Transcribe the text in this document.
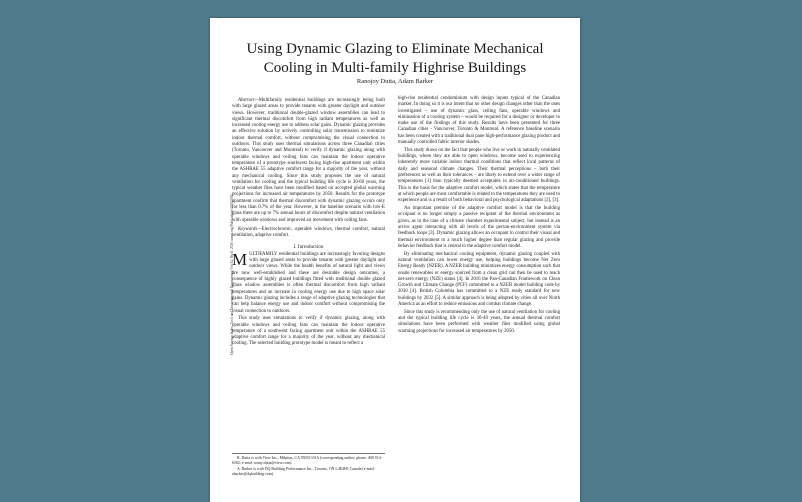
Open Science Index, Civil and Environmental Engineering Vol:14, No:8, 2020 waset.org/Publication/10011500
Using Dynamic Glazing to Eliminate Mechanical
Cooling in Multi-family Highrise Buildings
Ranojoy Dutta, Adam Barker

Abstract—Multifamily residential buildings are increasingly being built with large glazed areas to provide tenants with greater daylight and outdoor views. However, traditional double-glazed window assemblies can lead to significant thermal discomfort from high radiant temperatures as well as increased cooling energy use to address solar gains. Dynamic glazing provides an effective solution by actively controlling solar transmission to minimize indoor thermal comfort, without compromising the visual connection to outdoors. This study uses thermal simulations across three Canadian cities (Toronto, Vancouver and Montreal) to verify if dynamic glazing along with operable windows and ceiling fans can maintain the indoor operative temperature of a prototype southwest facing high-rise apartment unit within the ASHRAE 55 adaptive comfort range for a majority of the year, without any mechanical cooling. Since this study proposes the use of natural ventilation for cooling and the typical building life cycle is 30-60 years, the typical weather files have been modified based on accepted global warming projections for increased air temperatures by 2050. Results for the prototype apartment confirm that thermal discomfort with dynamic glazing occurs only for less than 0.7% of the year. However, in the baseline scenario with low-E glass there are up to 7% annual hours of discomfort despite natural ventilation with operable windows and improved air movement with ceiling fans.

Keywords—Electrochromic, operable windows, thermal comfort, natural ventilation, adaptive comfort.

I. Introduction

MULTIFAMILY residential buildings are increasingly favoring designs with large glazed areas to provide tenants with greater daylight and outdoor views. While the health benefits of natural light and views are now well-established and these are desirable design outcomes, a consequence of highly glazed buildings fitted with traditional double glazed glass window assemblies is often thermal discomfort from high radiant temperatures and an increase in cooling energy use due to high space solar gains. Dynamic glazing includes a range of adaptive glazing technologies that can help balance energy use and indoor comfort without compromising the visual connection to outdoors.

This study uses simulations to verify if dynamic glazing, along with operable windows and ceiling fans can maintain the indoor operative temperature of a southwest facing apartment unit within the ASHRAE 55 adaptive comfort range for a majority of the year, without any mechanical cooling. The selected building prototype model is meant to reflect a

R. Dutta is with View Inc., Milpitas, CA 95035 USA (corresponding author, phone: 408-514-6582; e-mail: ronny.dutta@view.com).

A. Barker is with DQ Building Performance Inc., Toronto, ON L4E4H1 Canada (e-mail: abarker@dqbuilding.com).

high-rise residential condominium with design inputs typical of the Canadian market. In doing so it is our intent that no other design changes other than the ones investigated – use of dynamic glass, ceiling fans, operable windows and elimination of a cooling system – would be required for a designer or developer to make use of the findings of this study. Results have been presented for three Canadian cities - Vancouver, Toronto & Montreal. A reference baseline scenario has been created with a traditional dual pane high-performance glazing product and manually controlled fabric interior shades.

This study draws on the fact that people who live or work in naturally ventilated buildings, where they are able to open windows, become used to experiencing inherently more variable indoor thermal conditions that reflect local patterns of daily and seasonal climate changes. Their thermal perceptions – both their preferences as well as their tolerances – are likely to extend over a wider range of temperatures [1] than typically deemed acceptable in air-conditioned buildings. This is the basis for the adaptive comfort model, which states that the temperature at which people are most comfortable is related to the temperatures they are used to experience and is a result of both behavioral and psychological adaptations [2], [3].

An important premise of the adaptive comfort model is that the building occupant is no longer simply a passive recipient of the thermal environment as given, as in the case of a climate chamber experimental subject, but instead is an active agent interacting with all levels of the person-environment system via feedback loops [3]. Dynamic glazing allows an occupant to control their visual and thermal environment to a much higher degree than regular glazing and provide behavior feedback that is central to the adaptive comfort model.

By eliminating mechanical cooling equipment, dynamic glazing coupled with natural ventilation can lower energy use, helping buildings become Net Zero Energy Ready (NZER). A NZER building minimizes energy consumption such that onsite renewables or energy sourced from a clean grid can then be used to reach net-zero energy (NZE) status [4]. In 2016 the Pan-Canadian Framework on Clean Growth and Climate Change (PCF) committed to a NZER model building code by 2030 [4]. British Columbia has committed to a NZE ready standard for new buildings by 2032 [5]. A similar approach is being adopted by cities all over North America as an effort to reduce emissions and combat climate change.

Since this study is recommending only the use of natural ventilation for cooling and the typical building life cycle is 30-40 years, the annual thermal comfort simulations have been performed with weather files modified using global warming projections for increased air temperatures by 2050.
